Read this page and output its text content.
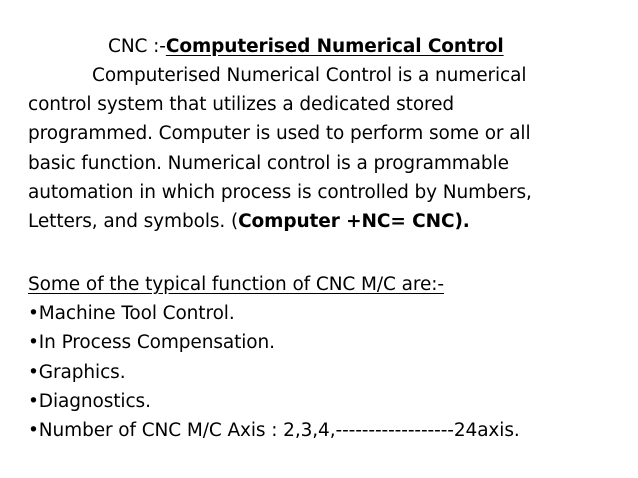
CNC :-Computerised Numerical Control
Computerised Numerical Control is a numerical
control system that utilizes a dedicated stored
programmed. Computer is used to perform some or all
basic function. Numerical control is a programmable
automation in which process is controlled by Numbers,
Letters, and symbols. (Computer +NC= CNC).
Some of the typical function of CNC M/C are:-
•Machine Tool Control.
•In Process Compensation.
•Graphics.
•Diagnostics.
•Number of CNC M/C Axis : 2,3,4,------------------24axis.
